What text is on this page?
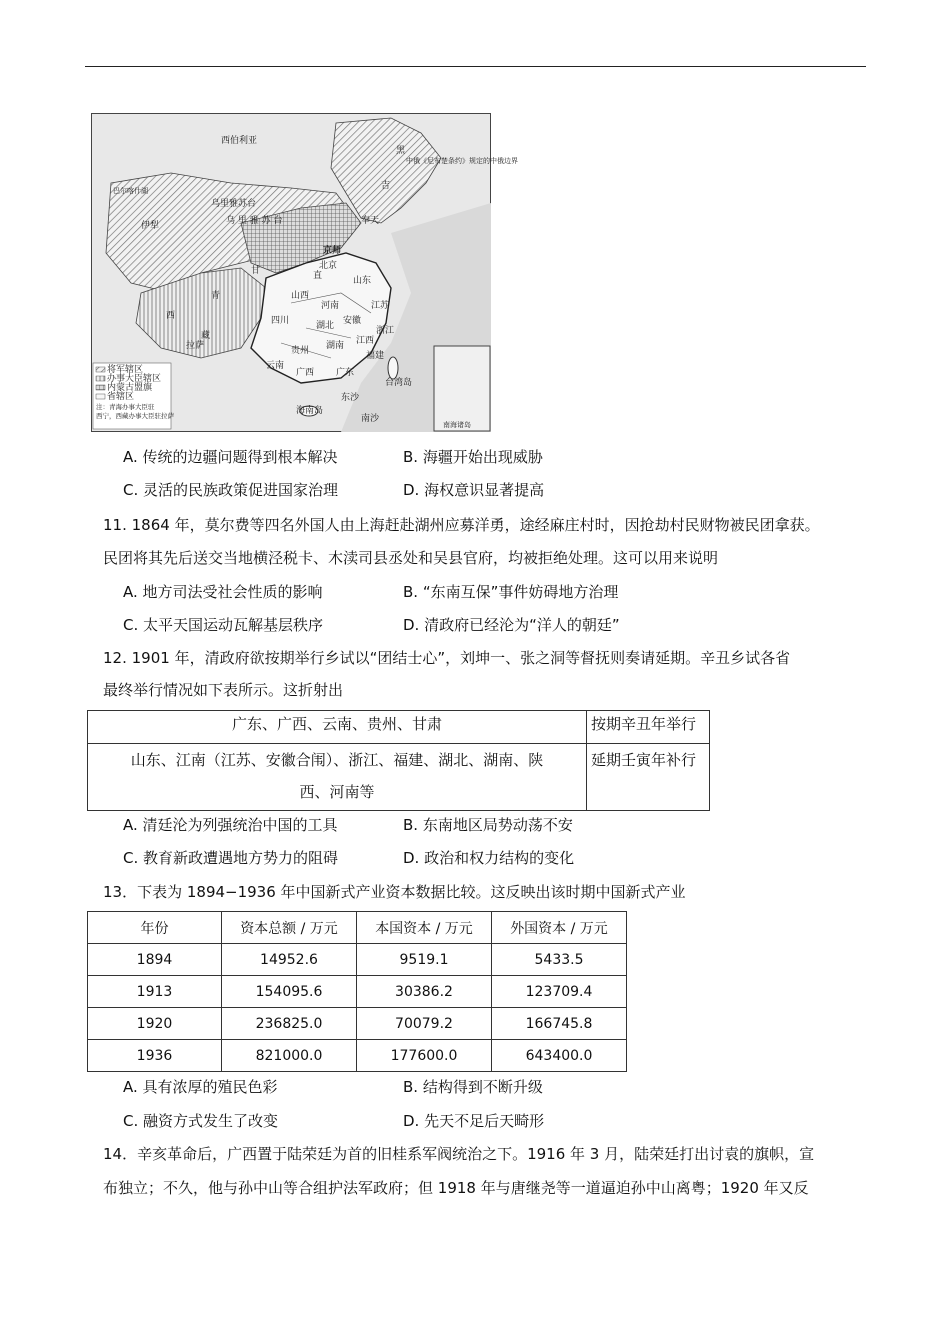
将军辖区
办事大臣辖区
内蒙古盟旗
省辖区
注：青海办事大臣驻
西宁，西藏办事大臣驻拉萨
西伯利亚
乌里雅苏台
乌 里 雅 苏 台
伊犁
巴尔喀什湖
京师
北京
黑
吉
奉天
直
山西
河南
山东
安徽
湖北
江苏
江西
浙江
福建
湖南
广东
广西
贵州
四川
云南
甘
青
西
藏
拉萨
海南岛
台湾岛
东沙
南沙
南海诸岛
中俄《尼布楚条约》规定的中俄边界
A. 传统的边疆问题得到根本解决	B. 海疆开始出现威胁
C. 灵活的民族政策促进国家治理	D. 海权意识显著提高
11. 1864 年，莫尔费等四名外国人由上海赶赴湖州应募洋勇，途经麻庄村时，因抢劫村民财物被民团拿获。
民团将其先后送交当地横泾税卡、木渎司县丞处和吴县官府，均被拒绝处理。这可以用来说明
A. 地方司法受社会性质的影响	B. “东南互保”事件妨碍地方治理
C. 太平天国运动瓦解基层秩序	D. 清政府已经沦为“洋人的朝廷”
12. 1901 年，清政府欲按期举行乡试以“团结士心”，刘坤一、张之洞等督抚则奏请延期。辛丑乡试各省
最终举行情况如下表所示。这折射出
广东、广西、云南、贵州、甘肃	按期辛丑年举行

山东、江南（江苏、安徽合闱）、浙江、福建、湖北、湖南、陕
西、河南等	延期壬寅年补行
A. 清廷沦为列强统治中国的工具	B. 东南地区局势动荡不安
C. 教育新政遭遇地方势力的阻碍	D. 政治和权力结构的变化
13．下表为 1894−1936 年中国新式产业资本数据比较。这反映出该时期中国新式产业
年份	资本总额 / 万元	本国资本 / 万元	外国资本 / 万元
1894	14952.6	9519.1	5433.5
1913	154095.6	30386.2	123709.4
1920	236825.0	70079.2	166745.8
1936	821000.0	177600.0	643400.0
A. 具有浓厚的殖民色彩	B. 结构得到不断升级
C. 融资方式发生了改变	D. 先天不足后天畸形
14．辛亥革命后，广西置于陆荣廷为首的旧桂系军阀统治之下。1916 年 3 月，陆荣廷打出讨袁的旗帜，宣
布独立；不久，他与孙中山等合组护法军政府；但 1918 年与唐继尧等一道逼迫孙中山离粤；1920 年又反
